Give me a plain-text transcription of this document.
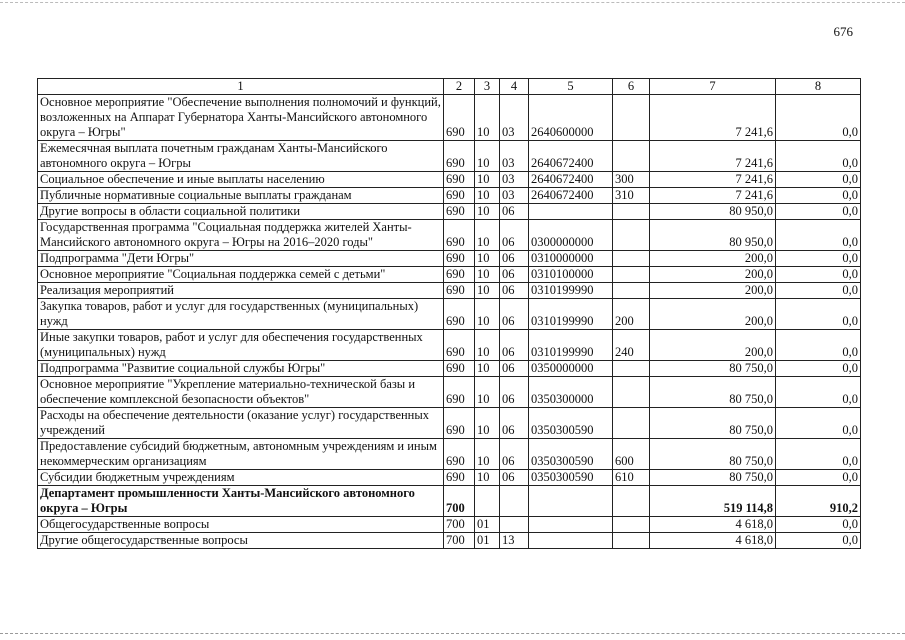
676
1	2	3	4	5	6	7	8
Основное мероприятие "Обеспечение выполнения полномочий и функций, возложенных на Аппарат Губернатора Ханты-Мансийского автономного округа – Югры"	690	10	03	2640600000		7 241,6	0,0
Ежемесячная выплата почетным гражданам Ханты-Мансийского автономного округа – Югры	690	10	03	2640672400		7 241,6	0,0
Социальное обеспечение и иные выплаты населению	690	10	03	2640672400	300	7 241,6	0,0
Публичные нормативные социальные выплаты гражданам	690	10	03	2640672400	310	7 241,6	0,0
Другие вопросы в области социальной политики	690	10	06			80 950,0	0,0
Государственная программа "Социальная поддержка жителей Ханты-Мансийского автономного округа – Югры на 2016–2020 годы"	690	10	06	0300000000		80 950,0	0,0
Подпрограмма "Дети Югры"	690	10	06	0310000000		200,0	0,0
Основное мероприятие "Социальная поддержка семей с детьми"	690	10	06	0310100000		200,0	0,0
Реализация мероприятий	690	10	06	0310199990		200,0	0,0
Закупка товаров, работ и услуг для государственных (муниципальных) нужд	690	10	06	0310199990	200	200,0	0,0
Иные закупки товаров, работ и услуг для обеспечения государственных (муниципальных) нужд	690	10	06	0310199990	240	200,0	0,0
Подпрограмма "Развитие социальной службы Югры"	690	10	06	0350000000		80 750,0	0,0
Основное мероприятие "Укрепление материально-технической базы и обеспечение комплексной безопасности объектов"	690	10	06	0350300000		80 750,0	0,0
Расходы на обеспечение деятельности (оказание услуг) государственных учреждений	690	10	06	0350300590		80 750,0	0,0
Предоставление субсидий бюджетным, автономным учреждениям и иным некоммерческим организациям	690	10	06	0350300590	600	80 750,0	0,0
Субсидии бюджетным учреждениям	690	10	06	0350300590	610	80 750,0	0,0
Департамент промышленности Ханты-Мансийского автономного округа – Югры	700					519 114,8	910,2
Общегосударственные вопросы	700	01				4 618,0	0,0
Другие общегосударственные вопросы	700	01	13			4 618,0	0,0
